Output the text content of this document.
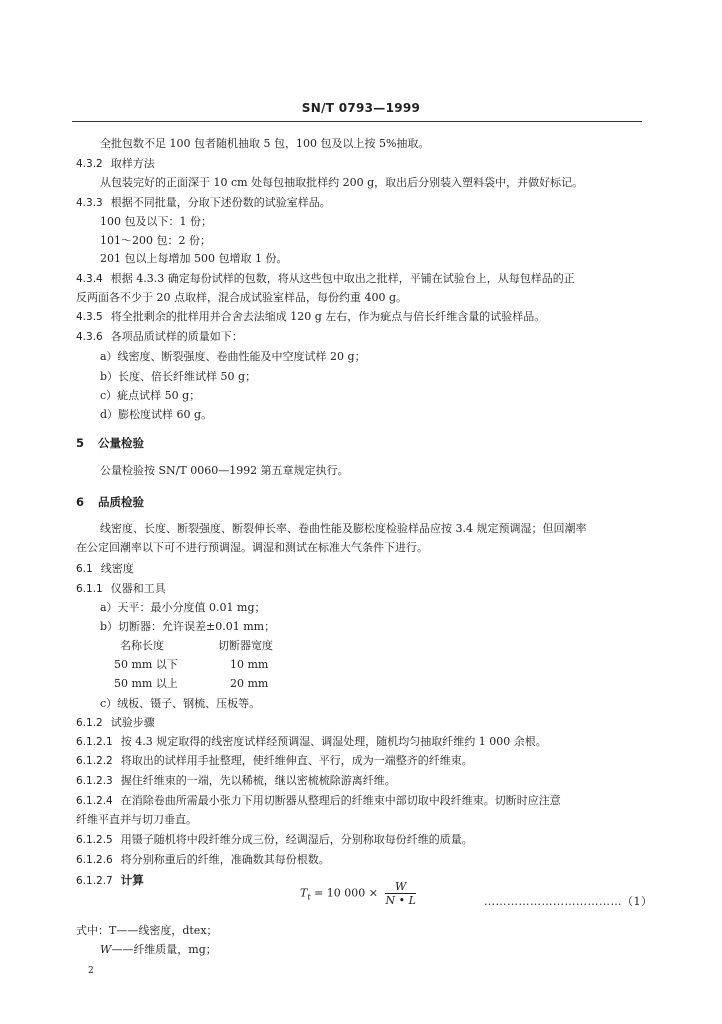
SN/T 0793—1999
全批包数不足 100 包者随机抽取 5 包，100 包及以上按 5%抽取。
4.3.2 取样方法
从包装完好的正面深于 10 cm 处每包抽取批样约 200 g，取出后分别装入塑料袋中，并做好标记。
4.3.3 根据不同批量，分取下述份数的试验室样品。
100 包及以下：1 份；
101～200 包：2 份；
201 包以上每增加 500 包增取 1 份。
4.3.4 根据 4.3.3 确定每份试样的包数，将从这些包中取出之批样，平铺在试验台上，从每包样品的正
反两面各不少于 20 点取样，混合成试验室样品，每份约重 400 g。
4.3.5 将全批剩余的批样用并合舍去法缩成 120 g 左右，作为疵点与倍长纤维含量的试验样品。
4.3.6 各项品质试样的质量如下：
a）线密度、断裂强度、卷曲性能及中空度试样 20 g；
b）长度、倍长纤维试样 50 g；
c）疵点试样 50 g；
d）膨松度试样 60 g。
5 公量检验
公量检验按 SN/T 0060—1992 第五章规定执行。
6 品质检验
线密度、长度、断裂强度、断裂伸长率、卷曲性能及膨松度检验样品应按 3.4 规定预调湿；但回潮率
在公定回潮率以下可不进行预调湿。调湿和测试在标准大气条件下进行。
6.1 线密度
6.1.1 仪器和工具
a）天平：最小分度值 0.01 mg；
b）切断器：允许误差±0.01 mm；
名称长度	切断器宽度
50 mm 以下	10 mm
50 mm 以上	20 mm
c）绒板、镊子、钢梳、压板等。
6.1.2 试验步骤
6.1.2.1 按 4.3 规定取得的线密度试样经预调湿、调湿处理，随机均匀抽取纤维约 1 000 余根。
6.1.2.2 将取出的试样用手扯整理，使纤维伸直、平行，成为一端整齐的纤维束。
6.1.2.3 握住纤维束的一端，先以稀梳，继以密梳梳除游离纤维。
6.1.2.4 在消除卷曲所需最小张力下用切断器从整理后的纤维束中部切取中段纤维束。切断时应注意
纤维平直并与切刀垂直。
6.1.2.5 用镊子随机将中段纤维分成三份，经调湿后，分别称取每份纤维的质量。
6.1.2.6 将分别称重后的纤维，准确数其每份根数。
6.1.2.7 计算
$T_t = 10$ $000 \times \frac{W}{N • L}$	………………………………（1）
式中：T——线密度，dtex；
W——纤维质量，mg；
2
